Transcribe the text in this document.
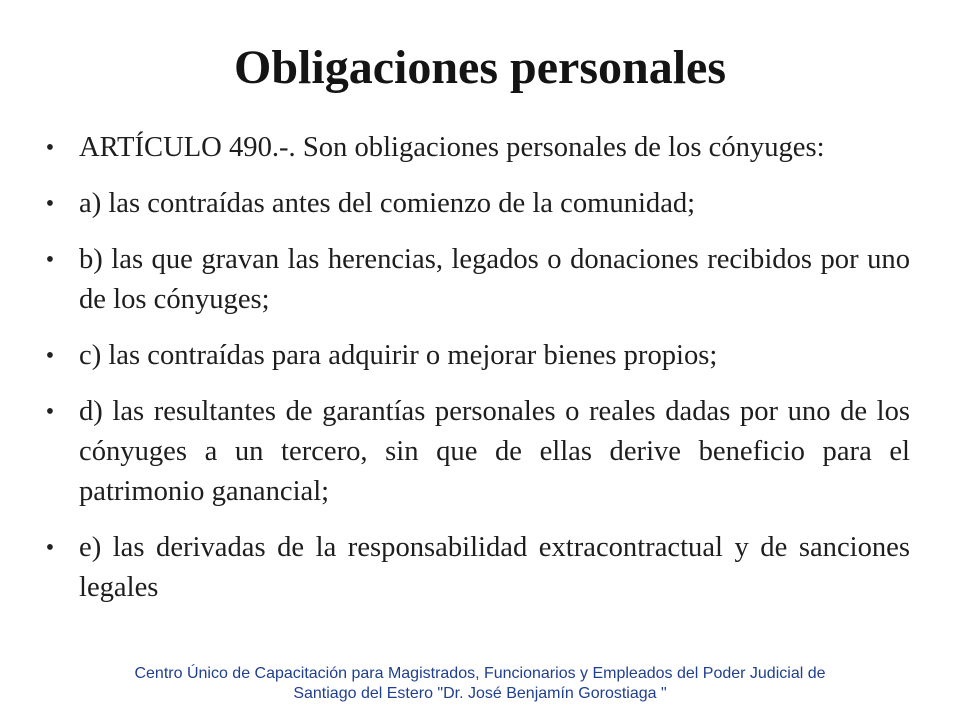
Obligaciones personales
• ARTÍCULO 490.-. Son obligaciones personales de los cónyuges:
• a) las contraídas antes del comienzo de la comunidad;
• b) las que gravan las herencias, legados o donaciones recibidos por uno de los cónyuges;
• c) las contraídas para adquirir o mejorar bienes propios;
• d) las resultantes de garantías personales o reales dadas por uno de los cónyuges a un tercero, sin que de ellas derive beneficio para el patrimonio ganancial;
• e) las derivadas de la responsabilidad extracontractual y de sanciones legales
Centro Único de Capacitación para Magistrados, Funcionarios y Empleados del Poder Judicial de
Santiago del Estero "Dr. José Benjamín Gorostiaga "
